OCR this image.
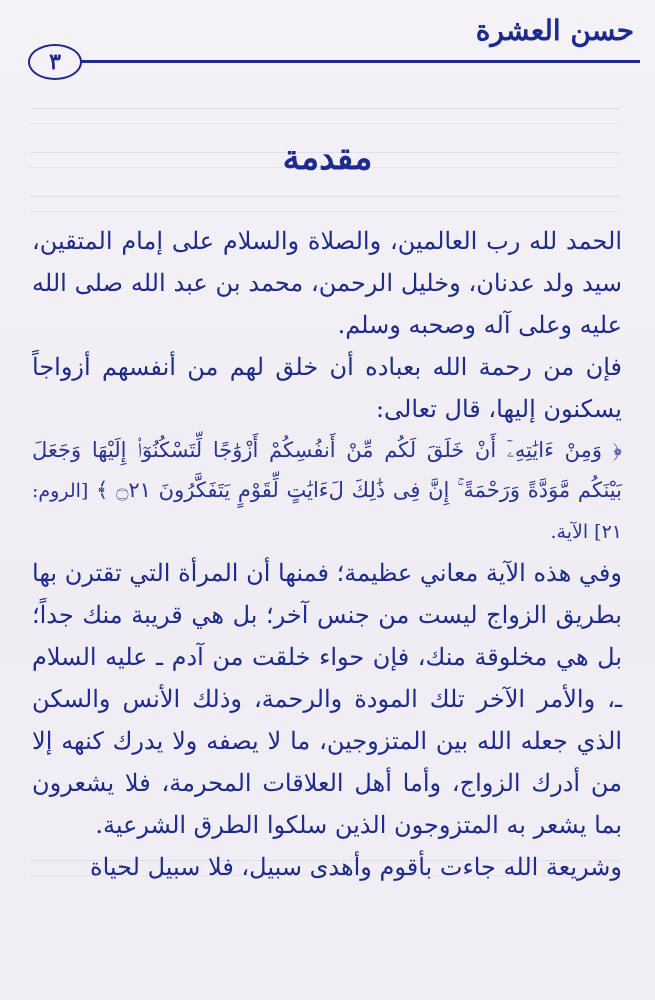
حسن العشرة
٣
مقدمة

الحمد لله رب العالمين، والصلاة والسلام على إمام المتقين، سيد ولد عدنان، وخليل الرحمن، محمد بن عبد الله صلى الله عليه وعلى آله وصحبه وسلم.

فإن من رحمة الله بعباده أن خلق لهم من أنفسهم أزواجاً يسكنون إليها، قال تعالى:

﴿ وَمِنْ ءَايَٰتِهِۦٓ أَنْ خَلَقَ لَكُم مِّنْ أَنفُسِكُمْ أَزْوَٰجًا لِّتَسْكُنُوٓا۟ إِلَيْهَا وَجَعَلَ بَيْنَكُم مَّوَدَّةً وَرَحْمَةً ۚ إِنَّ فِى ذَٰلِكَ لَءَايَٰتٍ لِّقَوْمٍ يَتَفَكَّرُونَ ۝٢١ ﴾ [الروم: ٢١] الآية.

وفي هذه الآية معاني عظيمة؛ فمنها أن المرأة التي تقترن بها بطريق الزواج ليست من جنس آخر؛ بل هي قريبة منك جداً؛ بل هي مخلوقة منك، فإن حواء خلقت من آدم ـ عليه السلام ـ، والأمر الآخر تلك المودة والرحمة، وذلك الأنس والسكن الذي جعله الله بين المتزوجين، ما لا يصفه ولا يدرك كنهه إلا من أدرك الزواج، وأما أهل العلاقات المحرمة، فلا يشعرون بما يشعر به المتزوجون الذين سلكوا الطرق الشرعية.

وشريعة الله جاءت بأقوم وأهدى سبيل، فلا سبيل لحياة
